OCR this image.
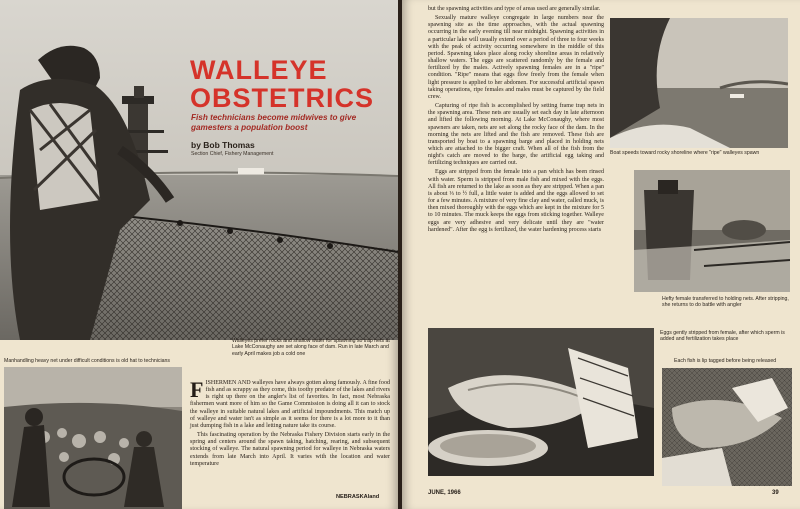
WALLEYE
OBSTETRICS
Fish technicians become midwives to give gamesters a population boost
by Bob Thomas
Section Chief, Fishery Management
Walleyes prefer rocks and shallow water for spawning so trap nets at Lake McConaughy are set along face of dam. Run in late March and early April makes job a cold one
Manhandling heavy net under difficult conditions is old hat to technicians

FISHERMEN AND walleyes have always gotten along famously. A fine food fish and as scrappy as they come, this toothy predator of the lakes and rivers is right up there on the angler's list of favorites. In fact, most Nebraska fishermen want more of him so the Game Commission is doing all it can to stock the walleye in suitable natural lakes and artificial impoundments. This match up of walleye and water isn't as simple as it seems for there is a lot more to it than just dumping fish in a lake and letting nature take its course.

This fascinating operation by the Nebraska Fishery Division starts early in the spring and centers around the spawn taking, hatching, rearing, and subsequent stocking of walleye. The natural spawning period for walleye in Nebraska waters extends from late March into April. It varies with the location and water temperature

NEBRASKAland

but the spawning activities and type of areas used are generally similar.

Sexually mature walleye congregate in large numbers near the spawning site as the time approaches, with the actual spawning occurring in the early evening till near midnight. Spawning activities in a particular lake will usually extend over a period of three to four weeks with the peak of activity occurring somewhere in the middle of this period. Spawning takes place along rocky shoreline areas in relatively shallow waters. The eggs are scattered randomly by the female and fertilized by the males. Actively spawning females are in a "ripe" condition. "Ripe" means that eggs flow freely from the female when light pressure is applied to her abdomen. For successful artificial spawn taking operations, ripe females and males must be captured by the field crew.

Capturing of ripe fish is accomplished by setting frame trap nets in the spawning area. These nets are usually set each day in late afternoon and lifted the following morning. At Lake McConaughy, where most spawners are taken, nets are set along the rocky face of the dam. In the morning the nets are lifted and the fish are removed. These fish are transported by boat to a spawning barge and placed in holding nets which are attached to the bigger craft. When all of the fish from the night's catch are moved to the barge, the artificial egg taking and fertilizing techniques are carried out.

Eggs are stripped from the female into a pan which has been rinsed with water. Sperm is stripped from male fish and mixed with the eggs. All fish are returned to the lake as soon as they are stripped. When a pan is about ⅓ to ½ full, a little water is added and the eggs allowed to set for a few minutes. A mixture of very fine clay and water, called muck, is then mixed thoroughly with the eggs which are kept in the mixture for 5 to 10 minutes. The muck keeps the eggs from sticking together. Walleye eggs are very adhesive and very delicate until they are "water hardened". After the egg is fertilized, the water hardening process starts

Boat speeds toward rocky shoreline where "ripe" walleyes spawn
Hefty female transferred to holding nets. After stripping, she returns to do battle with angler
Eggs gently stripped from female, after which sperm is added and fertilization takes place
Each fish is lip tagged before being released
JUNE, 1966	39
